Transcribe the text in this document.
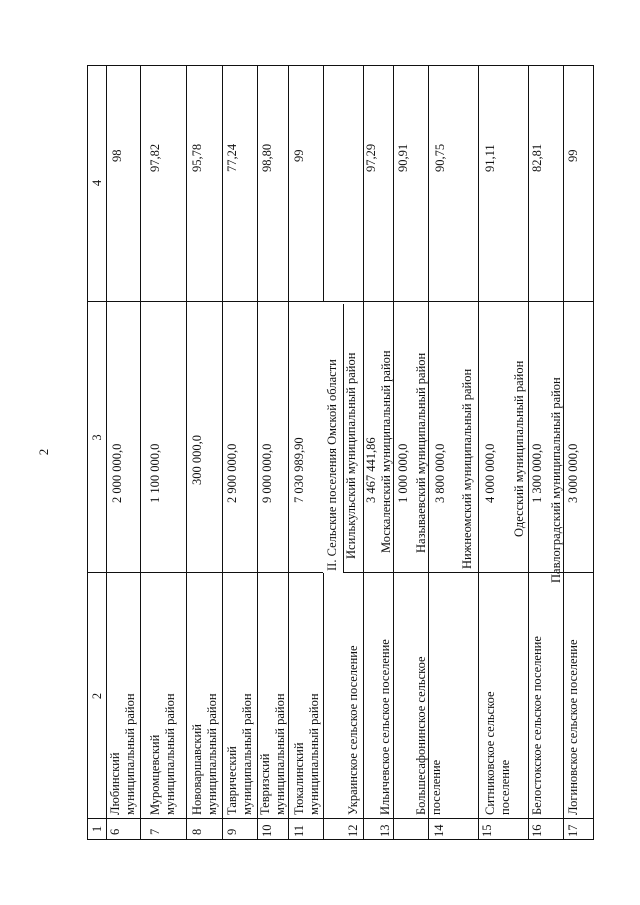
2
1
2
3
4
6
Любинский
муниципальный район
2 000 000,0
98
7
Муромцевский
муниципальный район
1 100 000,0
97,82
8
Нововаршавский
муниципальный район
300 000,0
95,78
9
Таврический
муниципальный район
2 900 000,0
77,24
10
Тевризский
муниципальный район
9 000 000,0
98,80
11
Тюкалинский
муниципальный район
7 030 989,90
99
II. Сельские поселения Омской области Исилькульский муниципальный район Москаленский муниципальный район Называевский муниципальный район	Нижнеомский муниципальный район	Одесский муниципальный район Павлоградский муниципальный район
12
Украинское сельское поселение
3 467 441,86
97,29
13
Ильичевское сельское поселение
1 000 000,0
90,91
14
Большесафонинское сельское
поселение
3 800 000,0
90,75
15
Ситниковское сельское
поселение
4 000 000,0
91,11
16
Белостокское сельское поселение
1 300 000,0
82,81
17
Логиновское сельское поселение
3 000 000,0
99
